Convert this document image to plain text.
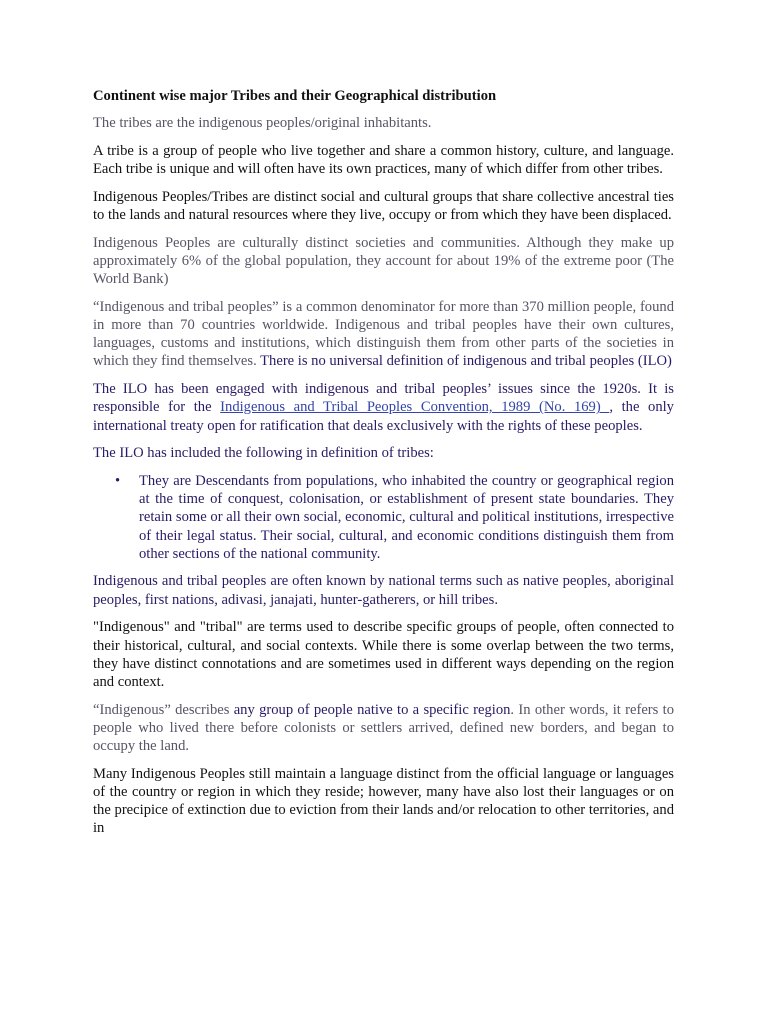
Continent wise major Tribes and their Geographical distribution

The tribes are the indigenous peoples/original inhabitants.

A tribe is a group of people who live together and share a common history, culture, and language. Each tribe is unique and will often have its own practices, many of which differ from other tribes.

Indigenous Peoples/Tribes are distinct social and cultural groups that share collective ancestral ties to the lands and natural resources where they live, occupy or from which they have been displaced.

Indigenous Peoples are culturally distinct societies and communities. Although they make up approximately 6% of the global population, they account for about 19% of the extreme poor (The World Bank)

“Indigenous and tribal peoples” is a common denominator for more than 370 million people, found in more than 70 countries worldwide. Indigenous and tribal peoples have their own cultures, languages, customs and institutions, which distinguish them from other parts of the societies in which they find themselves. There is no universal definition of indigenous and tribal peoples (ILO)

The ILO has been engaged with indigenous and tribal peoples’ issues since the 1920s. It is responsible for the Indigenous and Tribal Peoples Convention, 1989 (No. 169) , the only international treaty open for ratification that deals exclusively with the rights of these peoples.

The ILO has included the following in definition of tribes:

• They are Descendants from populations, who inhabited the country or geographical region at the time of conquest, colonisation, or establishment of present state boundaries. They retain some or all their own social, economic, cultural and political institutions, irrespective of their legal status. Their social, cultural, and economic conditions distinguish them from other sections of the national community.

Indigenous and tribal peoples are often known by national terms such as native peoples, aboriginal peoples, first nations, adivasi, janajati, hunter-gatherers, or hill tribes.

"Indigenous" and "tribal" are terms used to describe specific groups of people, often connected to their historical, cultural, and social contexts. While there is some overlap between the two terms, they have distinct connotations and are sometimes used in different ways depending on the region and context.

“Indigenous” describes any group of people native to a specific region. In other words, it refers to people who lived there before colonists or settlers arrived, defined new borders, and began to occupy the land.

Many Indigenous Peoples still maintain a language distinct from the official language or languages of the country or region in which they reside; however, many have also lost their languages or on the precipice of extinction due to eviction from their lands and/or relocation to other territories, and in
